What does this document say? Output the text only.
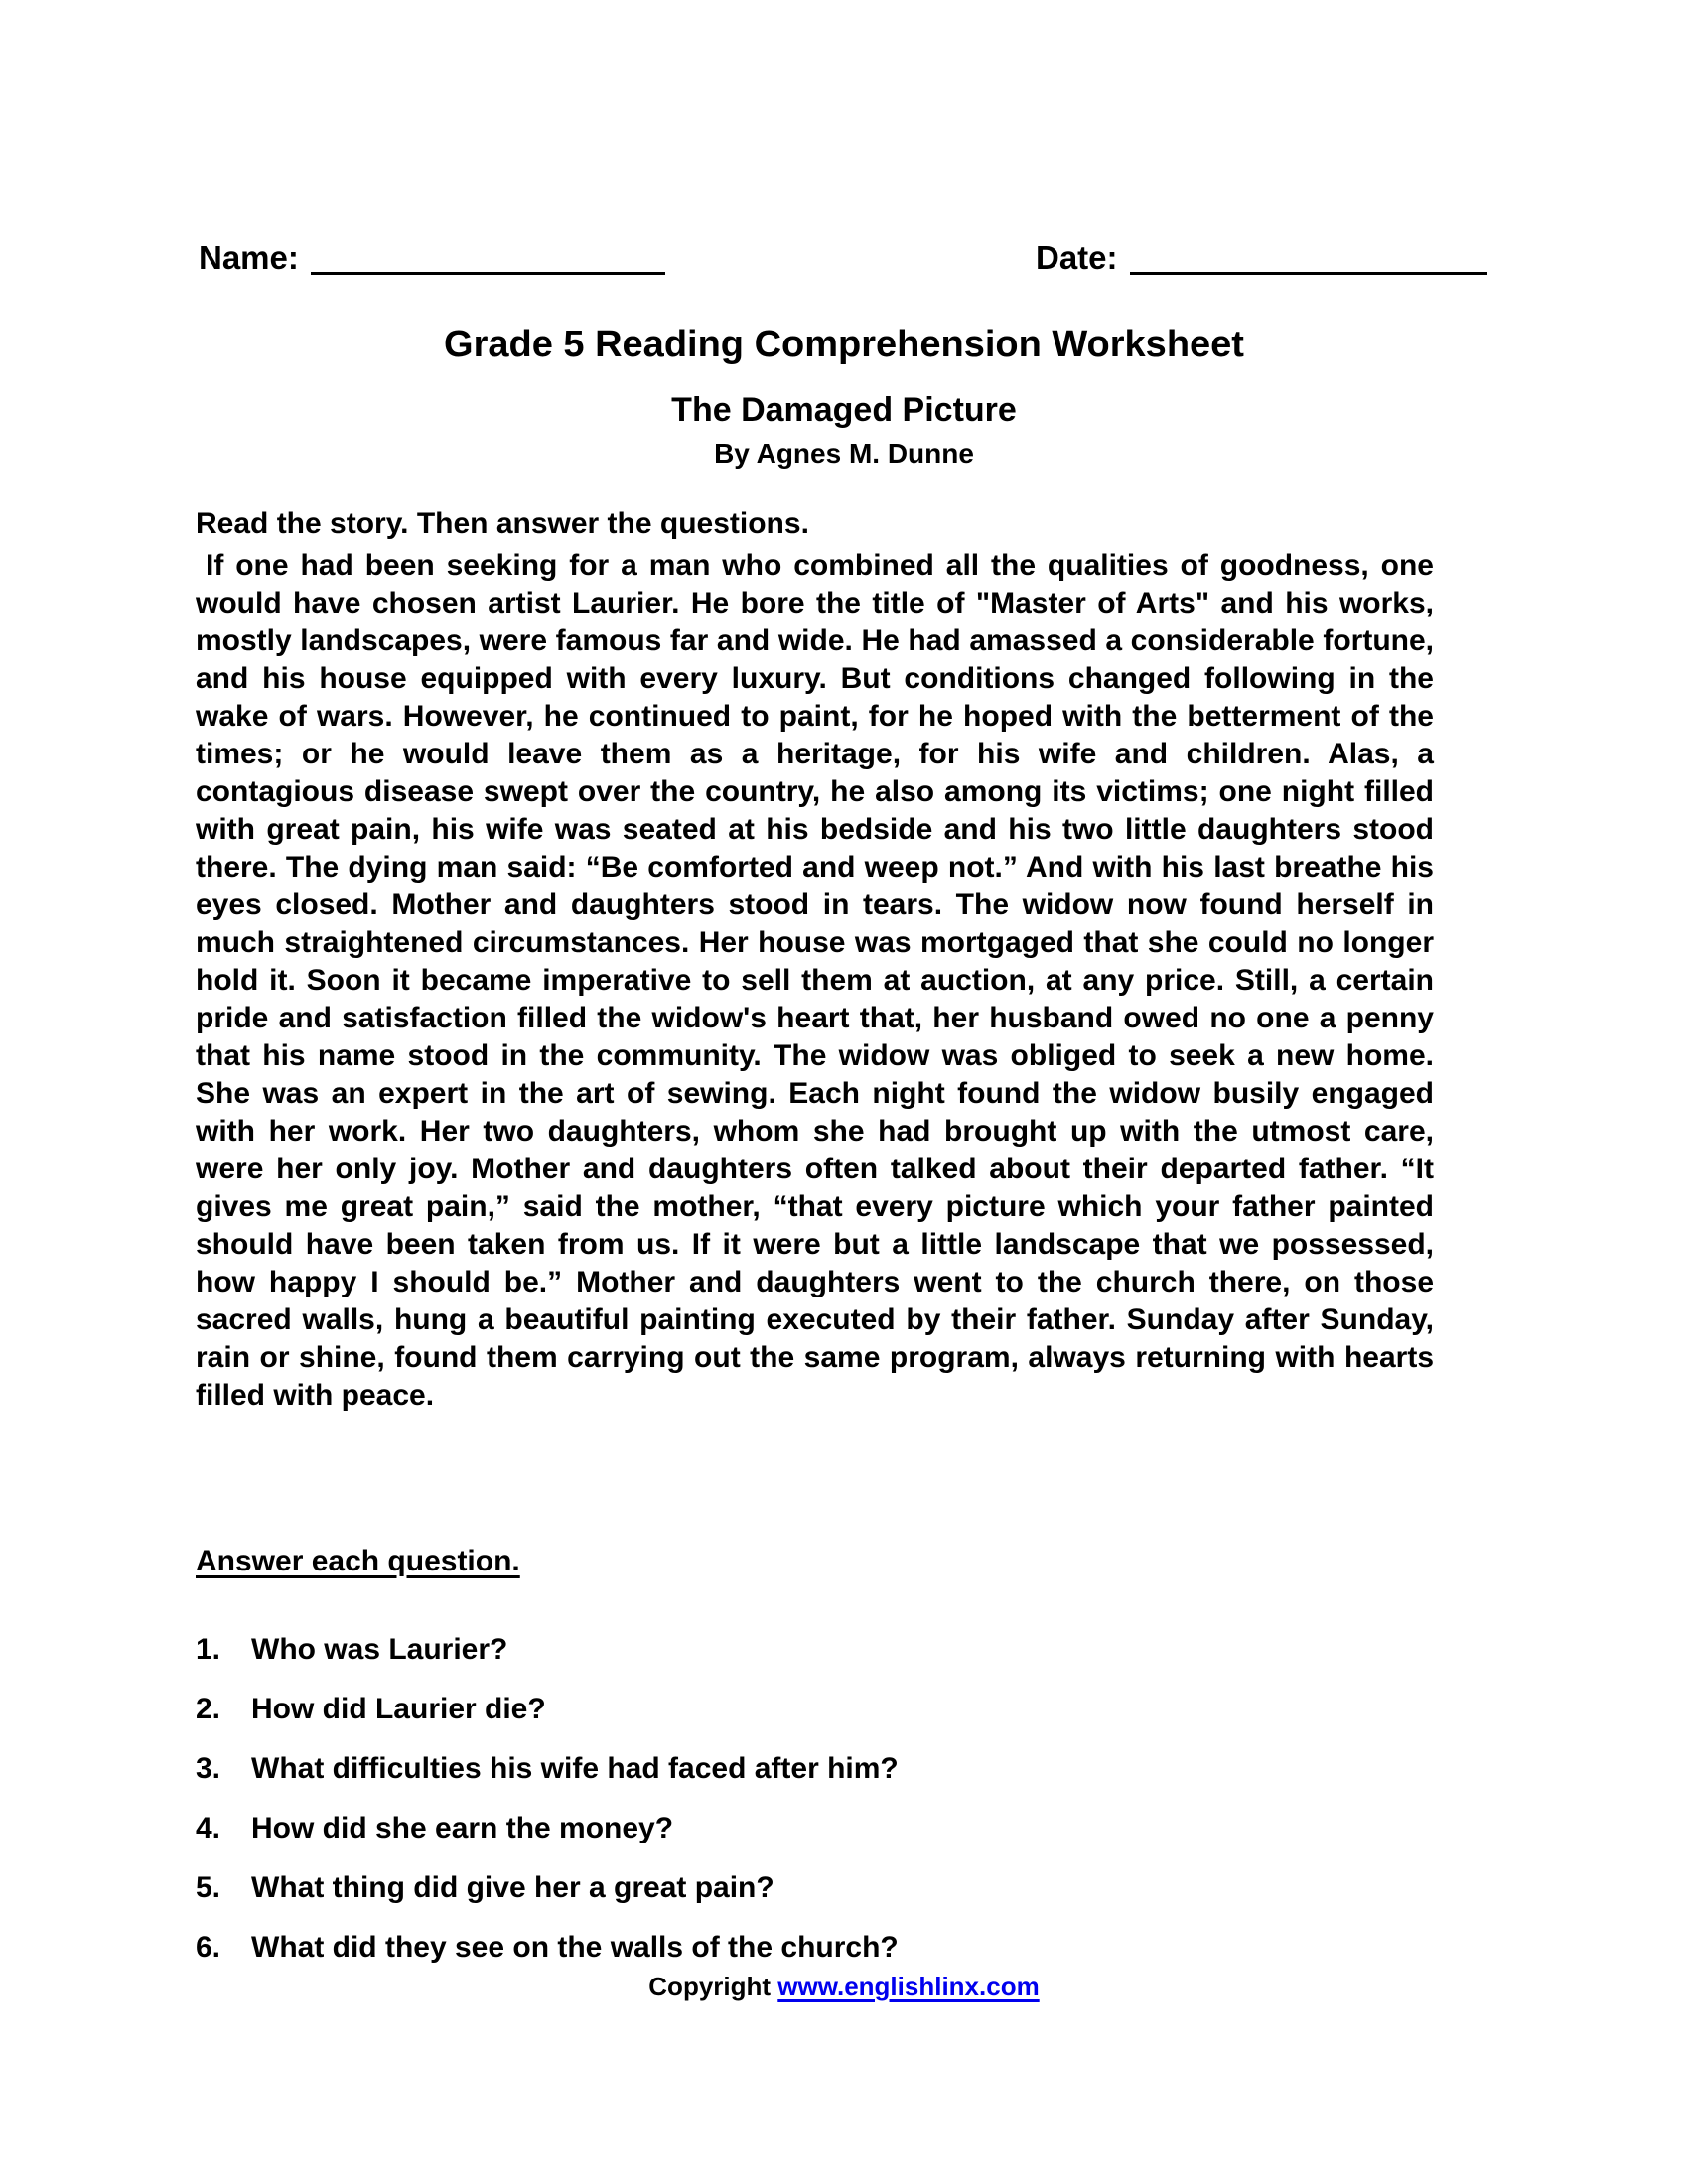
Name:	Date:
Grade 5 Reading Comprehension Worksheet
The Damaged Picture
By Agnes M. Dunne
Read the story. Then answer the questions.
If one had been seeking for a man who combined all the qualities of goodness, one would have chosen artist Laurier. He bore the title of "Master of Arts" and his works, mostly landscapes, were famous far and wide. He had amassed a considerable fortune, and his house equipped with every luxury. But conditions changed following in the wake of wars. However, he continued to paint, for he hoped with the betterment of the times; or he would leave them as a heritage, for his wife and children. Alas, a contagious disease swept over the country, he also among its victims; one night filled with great pain, his wife was seated at his bedside and his two little daughters stood there. The dying man said: “Be comforted and weep not.” And with his last breathe his eyes closed. Mother and daughters stood in tears. The widow now found herself in much straightened circumstances. Her house was mortgaged that she could no longer hold it. Soon it became imperative to sell them at auction, at any price. Still, a certain pride and satisfaction filled the widow's heart that, her husband owed no one a penny that his name stood in the community. The widow was obliged to seek a new home. She was an expert in the art of sewing. Each night found the widow busily engaged with her work. Her two daughters, whom she had brought up with the utmost care, were her only joy. Mother and daughters often talked about their departed father. “It gives me great pain,” said the mother, “that every picture which your father painted should have been taken from us. If it were but a little landscape that we possessed, how happy I should be.” Mother and daughters went to the church there, on those sacred walls, hung a beautiful painting executed by their father. Sunday after Sunday, rain or shine, found them carrying out the same program, always returning with hearts filled with peace.
Answer each question.
1.	Who was Laurier?
2.	How did Laurier die?
3.	What difficulties his wife had faced after him?
4.	How did she earn the money?
5.	What thing did give her a great pain?
6.	What did they see on the walls of the church?
Copyright www.englishlinx.com
